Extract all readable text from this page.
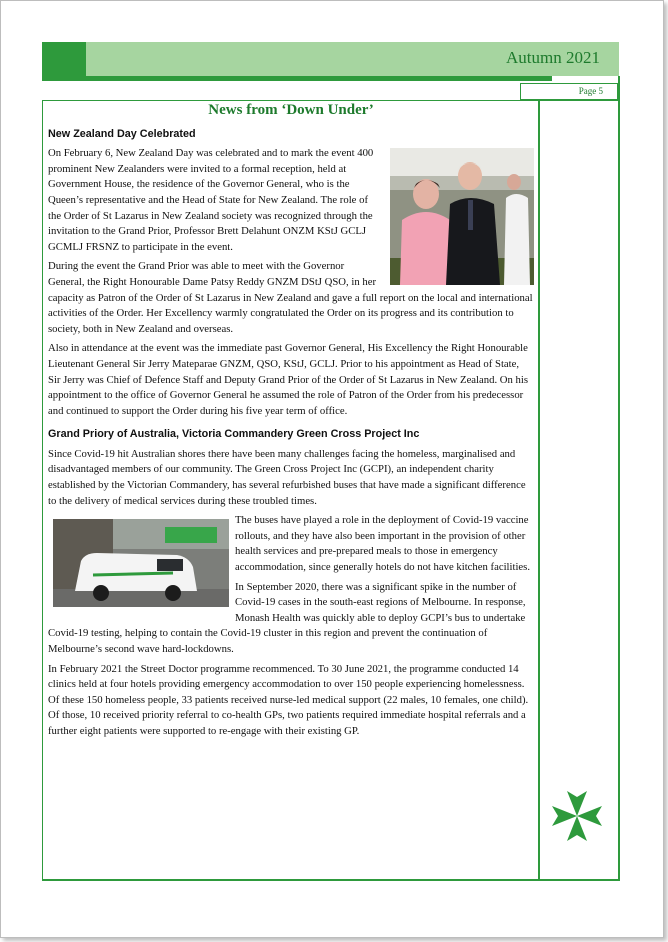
Autumn 2021
Page 5
News from ‘Down Under’
New Zealand Day Celebrated

On February 6, New Zealand Day was celebrated and to mark the event 400 prominent New Zealanders were invited to a formal reception, held at Government House, the residence of the Governor General, who is the Queen’s representative and the Head of State for New Zealand. The role of the Order of St Lazarus in New Zealand society was recognized through the invitation to the Grand Prior, Professor Brett Delahunt ONZM KStJ GCLJ GCMLJ FRSNZ to participate in the event.

During the event the Grand Prior was able to meet with the Governor General, the Right Honourable Dame Patsy Reddy GNZM DStJ QSO, in her capacity as Patron of the Order of St Lazarus in New Zealand and gave a full report on the local and international activities of the Order. Her Excellency warmly congratulated the Order on its progress and its contribution to society, both in New Zealand and overseas.

Also in attendance at the event was the immediate past Governor General, His Excellency the Right Honourable Lieutenant General Sir Jerry Mateparae GNZM, QSO, KStJ, GCLJ. Prior to his appointment as Head of State, Sir Jerry was Chief of Defence Staff and Deputy Grand Prior of the Order of St Lazarus in New Zealand. On his appointment to the office of Governor General he assumed the role of Patron of the Order from his predecessor and continued to support the Order during his five year term of office.

Grand Priory of Australia, Victoria Commandery Green Cross Project Inc

Since Covid-19 hit Australian shores there have been many challenges facing the homeless, marginalised and disadvantaged members of our community. The Green Cross Project Inc (GCPI), an independent charity established by the Victorian Commandery, has several refurbished buses that have made a significant difference to the delivery of medical services during these troubled times.

The buses have played a role in the deployment of Covid-19 vaccine rollouts, and they have also been important in the provision of other health services and pre-prepared meals to those in emergency accommodation, since generally hotels do not have kitchen facilities.

In September 2020, there was a significant spike in the number of Covid-19 cases in the south-east regions of Melbourne. In response, Monash Health was quickly able to deploy GCPI’s bus to undertake Covid-19 testing, helping to contain the Covid-19 cluster in this region and prevent the continuation of Melbourne’s second wave hard-lockdowns.

In February 2021 the Street Doctor programme recommenced. To 30 June 2021, the programme conducted 14 clinics held at four hotels providing emergency accommodation to over 150 people experiencing homelessness. Of these 150 homeless people, 33 patients received nurse-led medical support (22 males, 10 females, one child). Of those, 10 received priority referral to co-health GPs, two patients required immediate hospital referrals and a further eight patients were supported to re-engage with their existing GP.
